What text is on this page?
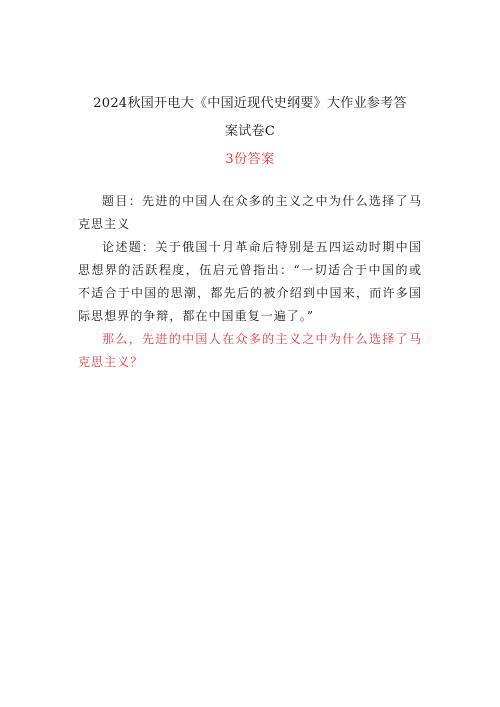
2024秋国开电大《中国近现代史纲要》大作业参考答
案试卷C
3份答案

题目：先进的中国人在众多的主义之中为什么选择了马克思主义

论述题：关于俄国十月革命后特别是五四运动时期中国思想界的活跃程度，伍启元曾指出：“一切适合于中国的或不适合于中国的思潮，都先后的被介绍到中国来，而许多国际思想界的争辩，都在中国重复一遍了。”

那么，先进的中国人在众多的主义之中为什么选择了马克思主义？
